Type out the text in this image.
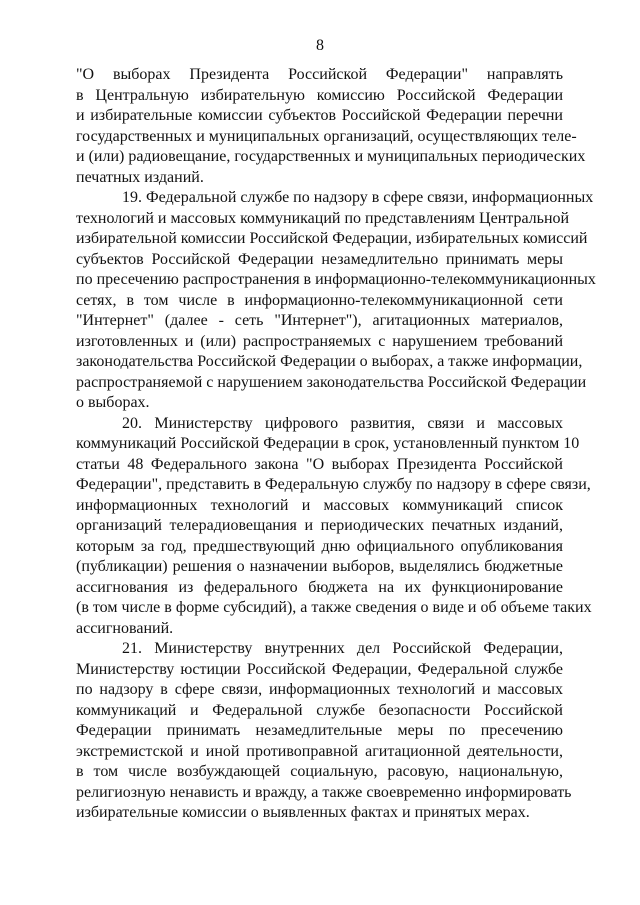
8
"О выборах Президента Российской Федерации" направлять
в Центральную избирательную комиссию Российской Федерации
и избирательные комиссии субъектов Российской Федерации перечни
государственных и муниципальных организаций, осуществляющих теле-
и (или) радиовещание, государственных и муниципальных периодических
печатных изданий.
19. Федеральной службе по надзору в сфере связи, информационных
технологий и массовых коммуникаций по представлениям Центральной
избирательной комиссии Российской Федерации, избирательных комиссий
субъектов Российской Федерации незамедлительно принимать меры
по пресечению распространения в информационно-телекоммуникационных
сетях, в том числе в информационно-телекоммуникационной сети
"Интернет" (далее - сеть "Интернет"), агитационных материалов,
изготовленных и (или) распространяемых с нарушением требований
законодательства Российской Федерации о выборах, а также информации,
распространяемой с нарушением законодательства Российской Федерации
о выборах.
20. Министерству цифрового развития, связи и массовых
коммуникаций Российской Федерации в срок, установленный пунктом 10
статьи 48 Федерального закона "О выборах Президента Российской
Федерации", представить в Федеральную службу по надзору в сфере связи,
информационных технологий и массовых коммуникаций список
организаций телерадиовещания и периодических печатных изданий,
которым за год, предшествующий дню официального опубликования
(публикации) решения о назначении выборов, выделялись бюджетные
ассигнования из федерального бюджета на их функционирование
(в том числе в форме субсидий), а также сведения о виде и об объеме таких
ассигнований.
21. Министерству внутренних дел Российской Федерации,
Министерству юстиции Российской Федерации, Федеральной службе
по надзору в сфере связи, информационных технологий и массовых
коммуникаций и Федеральной службе безопасности Российской
Федерации принимать незамедлительные меры по пресечению
экстремистской и иной противоправной агитационной деятельности,
в том числе возбуждающей социальную, расовую, национальную,
религиозную ненависть и вражду, а также своевременно информировать
избирательные комиссии о выявленных фактах и принятых мерах.
